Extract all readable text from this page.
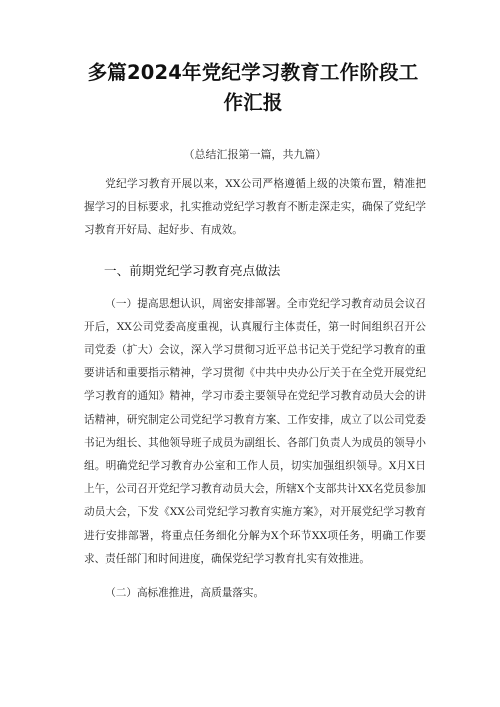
多篇2024年党纪学习教育工作阶段工作汇报
（总结汇报第一篇，共九篇）

党纪学习教育开展以来，XX公司严格遵循上级的决策布置，精准把握学习的目标要求，扎实推动党纪学习教育不断走深走实，确保了党纪学习教育开好局、起好步、有成效。

一、前期党纪学习教育亮点做法

（一）提高思想认识，周密安排部署。全市党纪学习教育动员会议召开后，XX公司党委高度重视，认真履行主体责任，第一时间组织召开公司党委（扩大）会议，深入学习贯彻习近平总书记关于党纪学习教育的重要讲话和重要指示精神，学习贯彻《中共中央办公厅关于在全党开展党纪学习教育的通知》精神，学习市委主要领导在党纪学习教育动员大会的讲话精神，研究制定公司党纪学习教育方案、工作安排，成立了以公司党委书记为组长、其他领导班子成员为副组长、各部门负责人为成员的领导小组。明确党纪学习教育办公室和工作人员，切实加强组织领导。X月X日上午，公司召开党纪学习教育动员大会，所辖X个支部共计XX名党员参加动员大会，下发《XX公司党纪学习教育实施方案》，对开展党纪学习教育进行安排部署，将重点任务细化分解为X个环节XX项任务，明确工作要求、责任部门和时间进度，确保党纪学习教育扎实有效推进。

（二）高标准推进，高质量落实。
